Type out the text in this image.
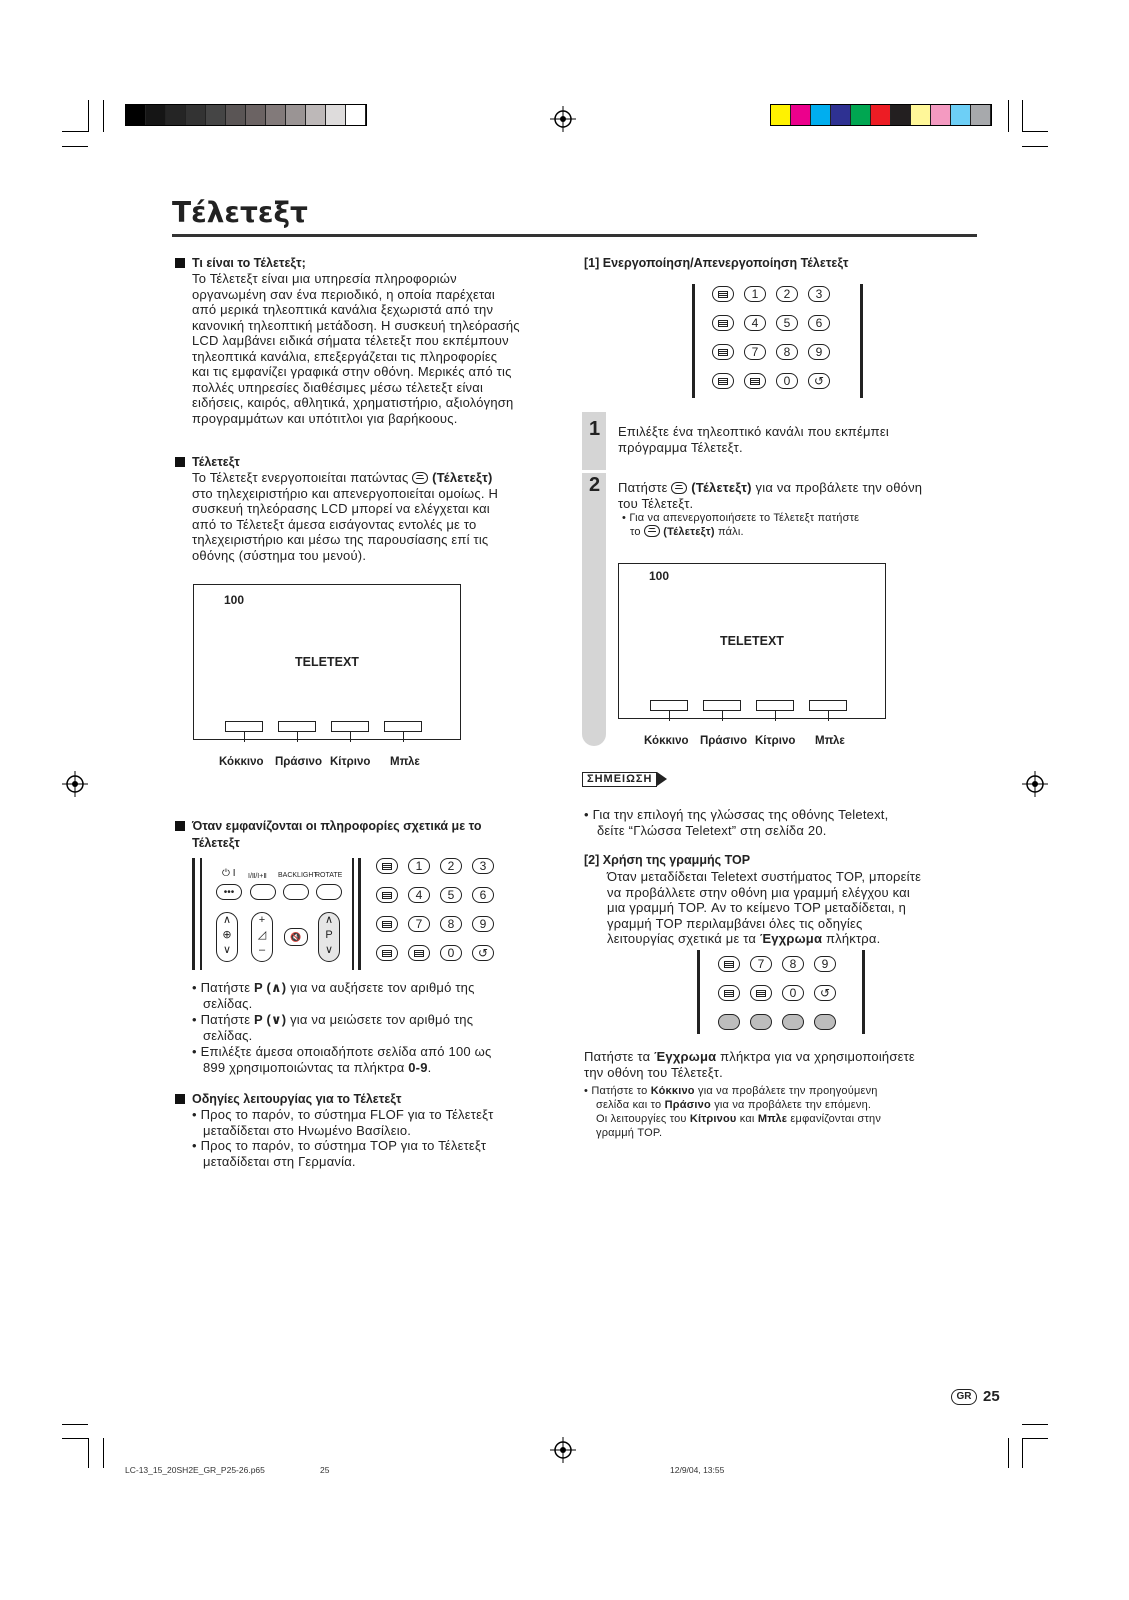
Τέλετεξτ
Τι είναι το Τέλετεξτ;
Το Τέλετεξτ είναι μια υπηρεσία πληροφοριών
οργανωμένη σαν ένα περιοδικό, η οποία παρέχεται
από μερικά τηλεοπτικά κανάλια ξεχωριστά από την
κανονική τηλεοπτική μετάδοση. Η συσκευή τηλεόρασής
LCD λαμβάνει ειδικά σήματα τέλετεξτ που εκπέμπουν
τηλεοπτικά κανάλια, επεξεργάζεται τις πληροφορίες
και τις εμφανίζει γραφικά στην οθόνη. Μερικές από τις
πολλές υπηρεσίες διαθέσιμες μέσω τέλετεξτ είναι
ειδήσεις, καιρός, αθλητικά, χρηματιστήριο, αξιολόγηση
προγραμμάτων και υπότιτλοι για βαρήκοους.
Τέλετεξτ
Το Τέλετεξτ ενεργοποιείται πατώντας (Τέλετεξτ)
στο τηλεχειριστήριο και απενεργοποιείται ομοίως. Η
συσκευή τηλεόρασης LCD μπορεί να ελέγχεται και
από το Τέλετεξτ άμεσα εισάγοντας εντολές με το
τηλεχειριστήριο και μέσω της παρουσίασης επί τις
οθόνης (σύστημα του μενού).
100
TELETEXT
Κόκκινο Πράσινο Κίτρινο Μπλε
Όταν εμφανίζονται οι πληροφορίες σχετικά με το
Τέλετεξτ
⏻ I Ι/Ⅱ/Ι+Ⅱ BACKLIGHT
ROTATE
•••
∧
⊕
∨
+
◿
–
🔇
∧
P
∨
1	2	3
4	5	6
7	8	9
0	↺
• Πατήστε P (∧) για να αυξήσετε τον αριθμό της
σελίδας.
• Πατήστε P (∨) για να μειώσετε τον αριθμό της
σελίδας.
• Επιλέξτε άμεσα οποιαδήποτε σελίδα από 100 ως
899 χρησιμοποιώντας τα πλήκτρα 0-9.
Οδηγίες λειτουργίας για το Τέλετεξτ
• Προς το παρόν, το σύστημα FLOF για το Τέλετεξτ
μεταδίδεται στο Ηνωμένο Βασίλειο.
• Προς το παρόν, το σύστημα TOP για το Τέλετεξτ
μεταδίδεται στη Γερμανία.
[1] Ενεργοποίηση/Απενεργοποίηση Τέλετεξτ
1	2	3
4	5	6
7	8	9
0	↺
1 Επιλέξτε ένα τηλεοπτικό κανάλι που εκπέμπει
πρόγραμμα Τέλετεξτ.
2 Πατήστε (Τέλετεξτ) για να προβάλετε την οθόνη
του Τέλετεξτ.
• Για να απενεργοποιήσετε το Τέλετεξτ πατήστε
το (Τέλετεξτ) πάλι.
100
TELETEXT
Κόκκινο Πράσινο Κίτρινο Μπλε
ΣΗΜΕΙΩΣΗ
• Για την επιλογή της γλώσσας της οθόνης Teletext,
δείτε “Γλώσσα Teletext” στη σελίδα 20.
[2] Χρήση της γραμμής TOP
Όταν μεταδίδεται Teletext συστήματος TOP, μπορείτε
να προβάλλετε στην οθόνη μια γραμμή ελέγχου και
μια γραμμή TOP. Αν το κείμενο TOP μεταδίδεται, η
γραμμή TOP περιλαμβάνει όλες τις οδηγίες
λειτουργίας σχετικά με τα Έγχρωμα πλήκτρα.
7	8	9
0	↺
Πατήστε τα Έγχρωμα πλήκτρα για να χρησιμοποιήσετε
την οθόνη του Τέλετεξτ.
• Πατήστε το Κόκκινο για να προβάλετε την προηγούμενη
σελίδα και το Πράσινο για να προβάλετε την επόμενη.
Οι λειτουργίες του Κίτρινου και Μπλε εμφανίζονται στην
γραμμή TOP.
GR 25
LC-13_15_20SH2E_GR_P25-26.p65	25	12/9/04, 13:55
